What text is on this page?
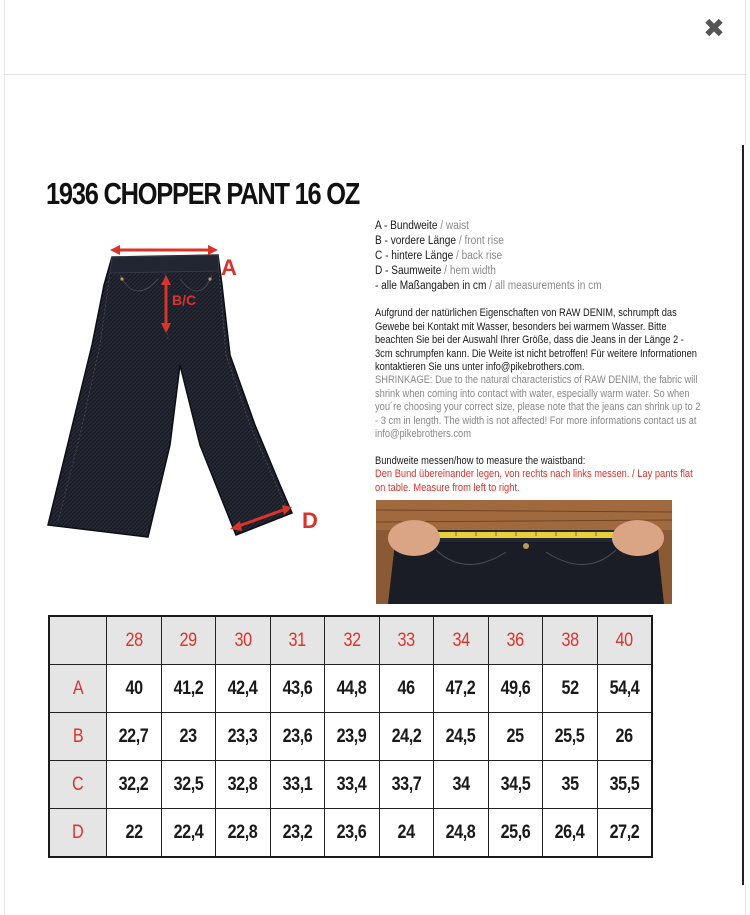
✖
1936 CHOPPER PANT 16 OZ
A
B/C
D
A - Bundweite / waist
B - vordere Länge / front rise
C - hintere Länge / back rise
D - Saumweite / hem width
- alle Maßangaben in cm / all measurements in cm
Aufgrund der natürlichen Eigenschaften von RAW DENIM, schrumpft das Gewebe bei Kontakt mit Wasser, besonders bei warmem Wasser. Bitte beachten Sie bei der Auswahl Ihrer Größe, dass die Jeans in der Länge 2 - 3cm schrumpfen kann. Die Weite ist nicht betroffen! Für weitere Informationen kontaktieren Sie uns unter info@pikebrothers.com.
SHRINKAGE: Due to the natural characteristics of RAW DENIM, the fabric will shrink when coming into contact with water, especially warm water. So when you´re choosing your correct size, please note that the jeans can shrink up to 2 - 3 cm in length. The width is not affected! For more informations contact us at info@pikebrothers.com
Bundweite messen/how to measure the waistband:
Den Bund übereinander legen, von rechts nach links messen. / Lay pants flat on table. Measure from left to right.
	28	29	30	31	32	33	34	36	38	40
A	40	41,2	42,4	43,6	44,8	46	47,2	49,6	52	54,4
B	22,7	23	23,3	23,6	23,9	24,2	24,5	25	25,5	26
C	32,2	32,5	32,8	33,1	33,4	33,7	34	34,5	35	35,5
D	22	22,4	22,8	23,2	23,6	24	24,8	25,6	26,4	27,2
